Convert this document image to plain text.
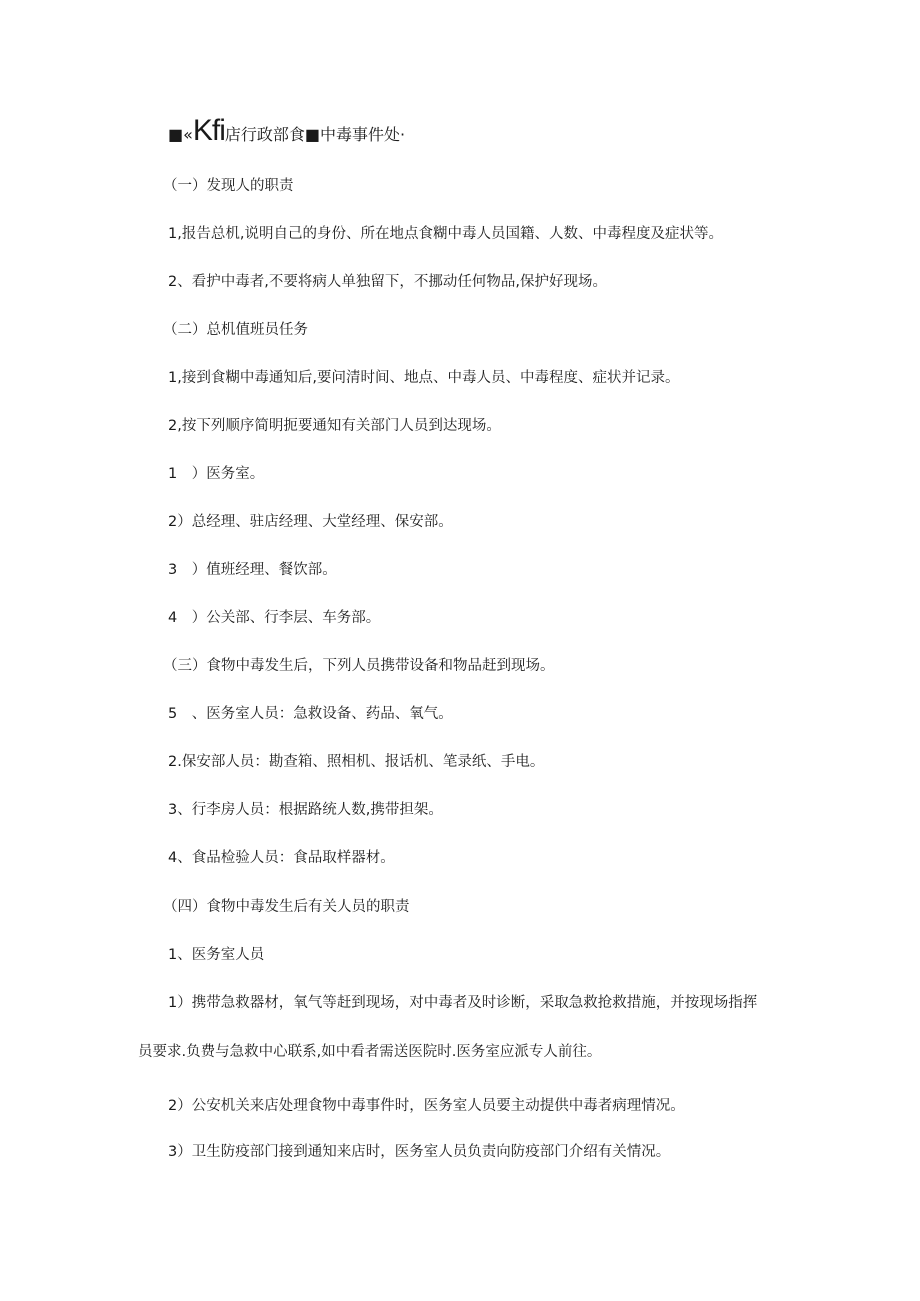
■«Kfi店行政部食■中毒事件处·
（一）发现人的职责
1,报告总机,说明自己的身份、所在地点食糊中毒人员国籍、人数、中毒程度及症状等。
2、看护中毒者,不要将病人单独留下，不挪动任何物品,保护好现场。
（二）总机值班员任务
1,接到食糊中毒通知后,要问清时间、地点、中毒人员、中毒程度、症状并记录。
2,按下列顺序简明扼要通知有关部门人员到达现场。
1　）医务室。
2）总经理、驻店经理、大堂经理、保安部。
3　）值班经理、餐饮部。
4　）公关部、行李层、车务部。
（三）食物中毒发生后，下列人员携带设备和物品赶到现场。
5　、医务室人员：急救设备、药品、氧气。
2.保安部人员：勘查箱、照相机、报话机、笔录纸、手电。
3、行李房人员：根据路统人数,携带担架。
4、食品检验人员：食品取样器材。
（四）食物中毒发生后有关人员的职责
1、医务室人员
1）携带急救器材，氧气等赶到现场，对中毒者及时诊断，采取急救抢救措施，并按现场指挥
员要求.负费与急救中心联系,如中看者需送医院时.医务室应派专人前往。
2）公安机关来店处理食物中毒事件时，医务室人员要主动提供中毒者病理情况。
3）卫生防疫部门接到通知来店时，医务室人员负责向防疫部门介绍有关情况。
